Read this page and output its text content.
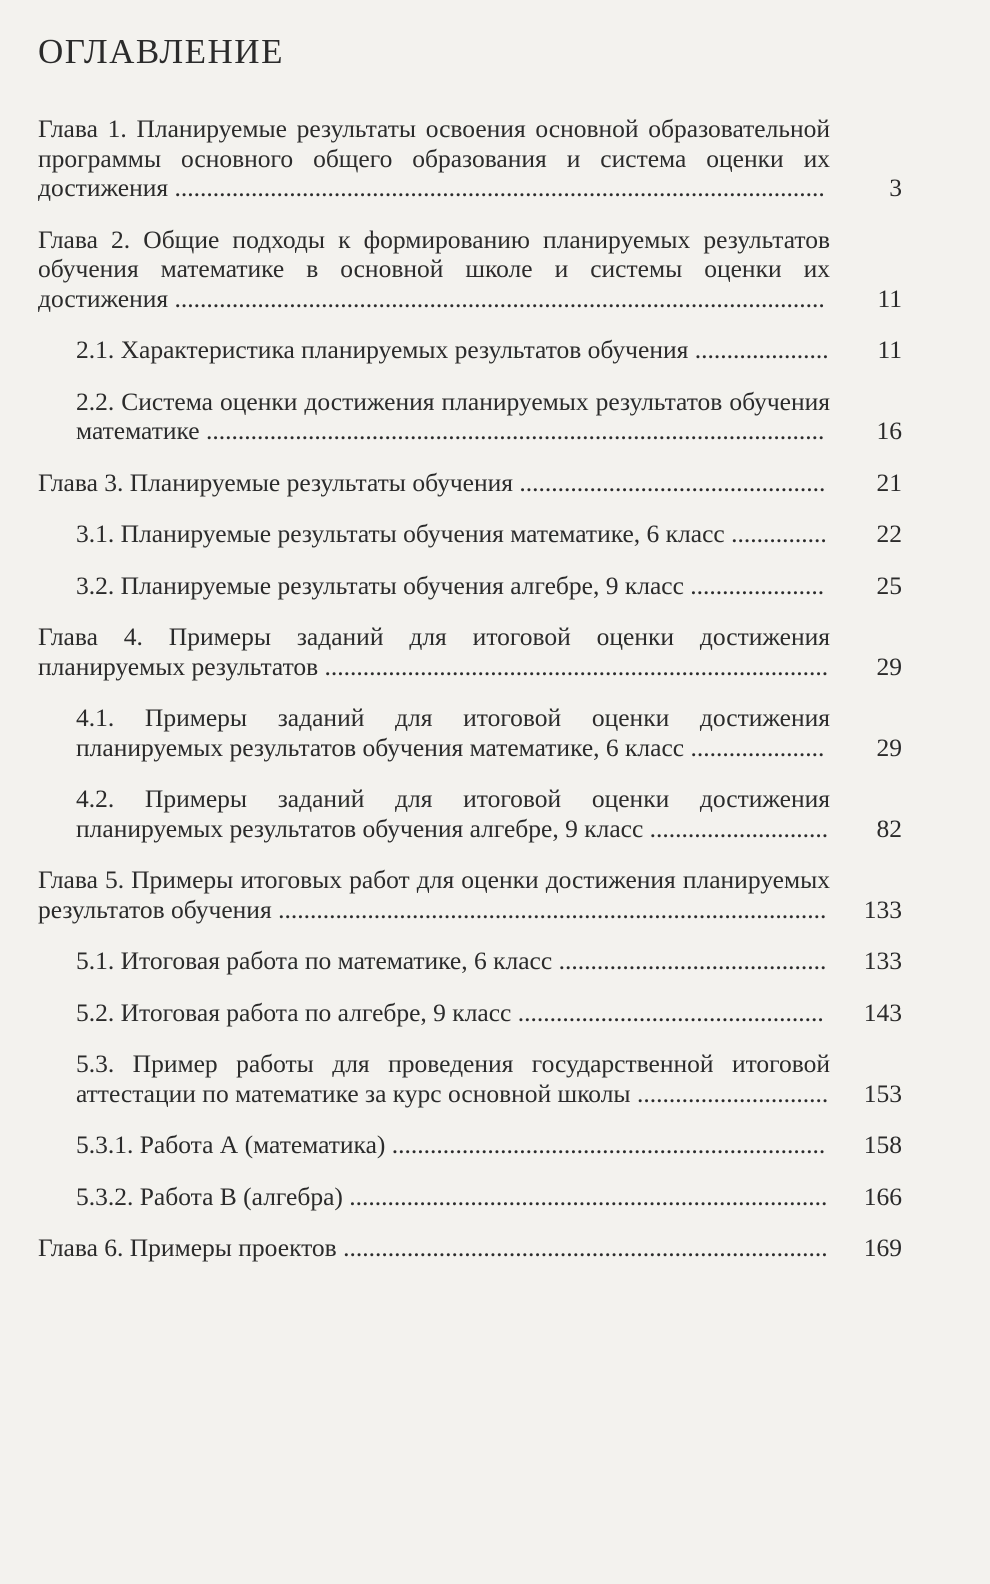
ОГЛАВЛЕНИЕ
Глава 1. Планируемые результаты освоения основной образовательной программы основного общего образования и система оценки их достижения ......................................................................................................	3
Глава 2. Общие подходы к формированию планируемых результатов обучения математике в основной школе и системы оценки их достижения ......................................................................................................	11
2.1. Характеристика планируемых результатов обучения .....................	11
2.2. Система оценки достижения планируемых результатов обучения математике .................................................................................................	16
Глава 3. Планируемые результаты обучения ................................................	21
3.1. Планируемые результаты обучения математике, 6 класс ...............	22
3.2. Планируемые результаты обучения алгебре, 9 класс .....................	25
Глава 4. Примеры заданий для итоговой оценки достижения планируемых результатов ...............................................................................	29
4.1. Примеры заданий для итоговой оценки достижения планируемых результатов обучения математике, 6 класс .....................	29
4.2. Примеры заданий для итоговой оценки достижения планируемых результатов обучения алгебре, 9 класс ............................	82
Глава 5. Примеры итоговых работ для оценки достижения планируемых результатов обучения ......................................................................................	133
5.1. Итоговая работа по математике, 6 класс ..........................................	133
5.2. Итоговая работа по алгебре, 9 класс ................................................	143
5.3. Пример работы для проведения государственной итоговой аттестации по математике за курс основной школы ..............................	153
5.3.1. Работа А (математика) ....................................................................	158
5.3.2. Работа В (алгебра) ...........................................................................	166
Глава 6. Примеры проектов ............................................................................	169
